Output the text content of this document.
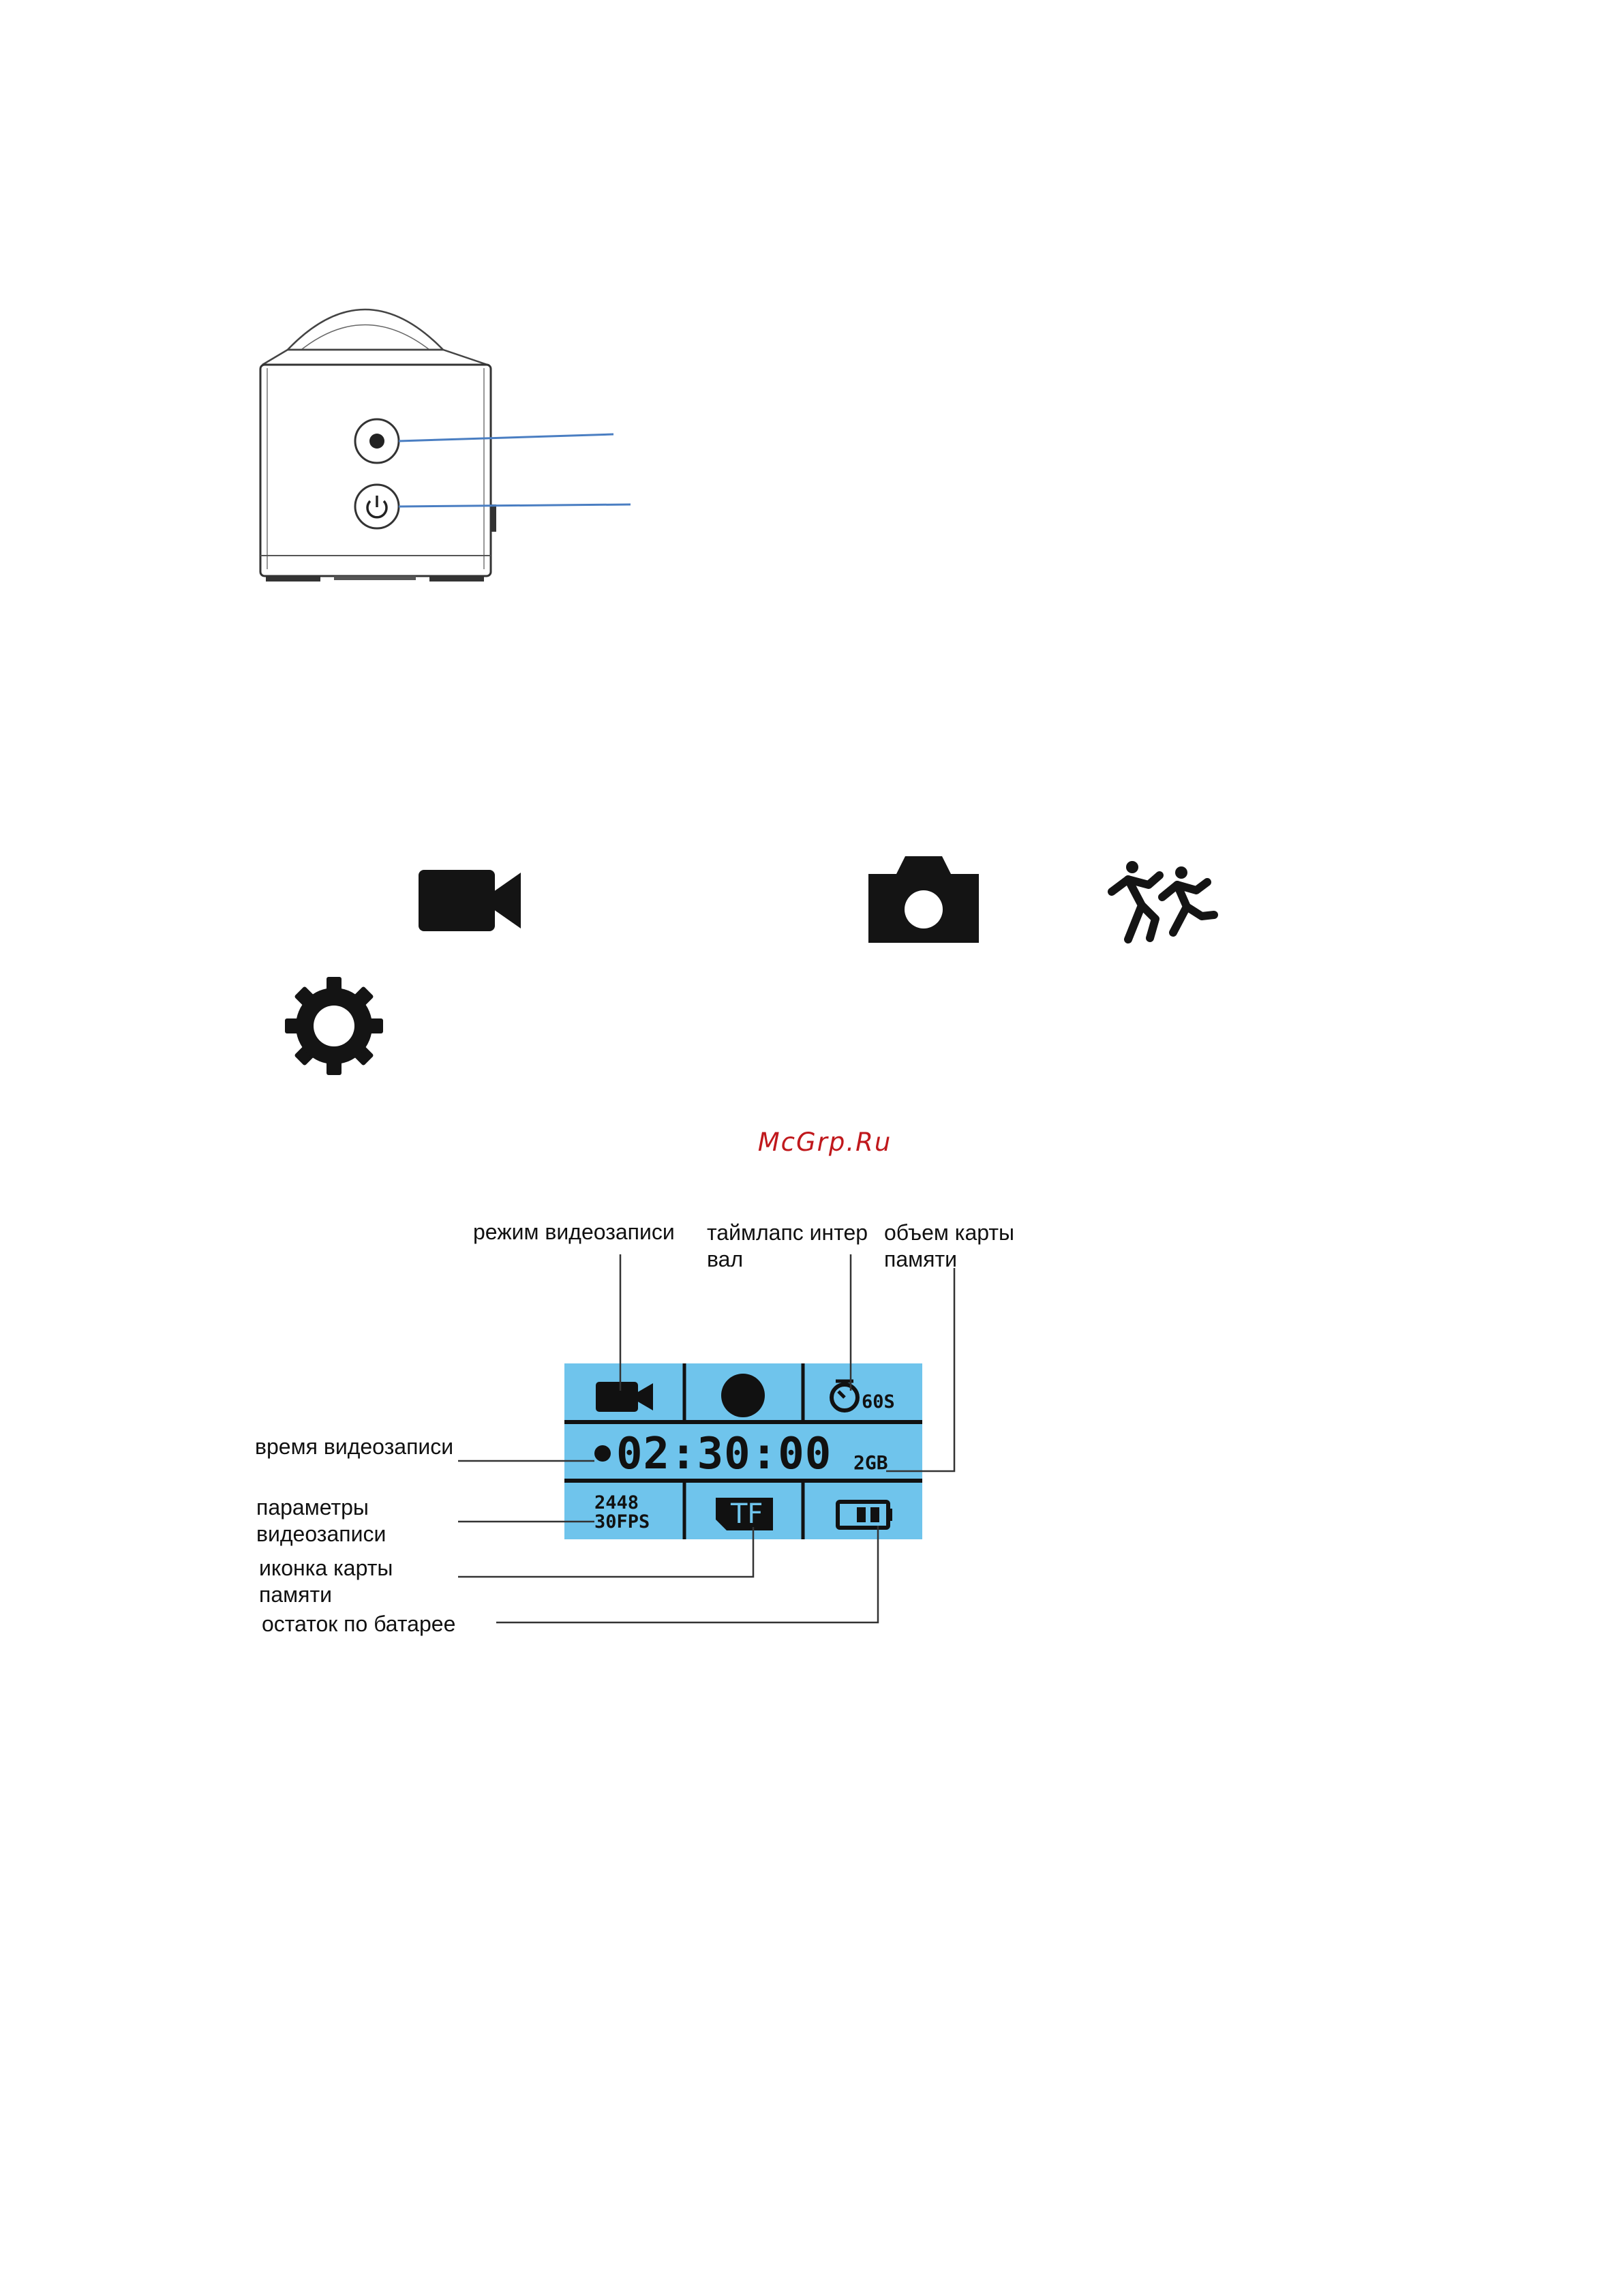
McGrp.Ru
60S
02:30:00 2GB
2448
30FPS	TF
режим видеозаписи таймлапс интер
вал
объем карты
памяти
время видеозаписи
параметры
видеозаписи
иконка карты
памяти
остаток по батарее
